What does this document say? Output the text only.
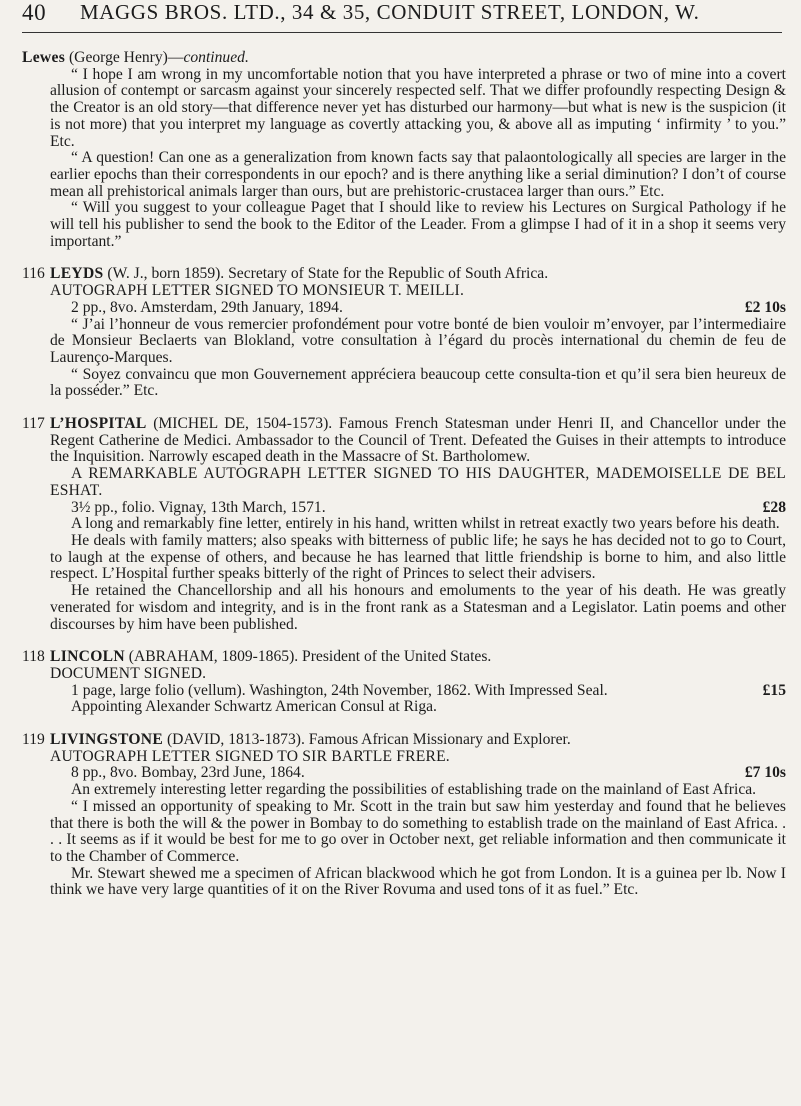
40 MAGGS BROS. LTD., 34 & 35, CONDUIT STREET, LONDON, W.

Lewes (George Henry)—continued.

“ I hope I am wrong in my uncomfortable notion that you have interpreted a phrase or two of mine into a covert allusion of contempt or sarcasm against your sincerely respected self. That we differ profoundly respecting Design & the Creator is an old story—that difference never yet has disturbed our harmony—but what is new is the suspicion (it is not more) that you interpret my language as covertly attacking you, & above all as imputing ‘ infirmity ’ to you.” Etc.

“ A question! Can one as a generalization from known facts say that palaontologically all species are larger in the earlier epochs than their correspondents in our epoch? and is there anything like a serial diminution? I don’t of course mean all prehistorical animals larger than ours, but are prehistoric-crustacea larger than ours.” Etc.

“ Will you suggest to your colleague Paget that I should like to review his Lectures on Surgical Pathology if he will tell his publisher to send the book to the Editor of the Leader. From a glimpse I had of it in a shop it seems very important.”

116 LEYDS (W. J., born 1859). Secretary of State for the Republic of South Africa.

AUTOGRAPH LETTER SIGNED TO MONSIEUR T. MEILLI.

2 pp., 8vo. Amsterdam, 29th January, 1894.	£2 10s

“ J’ai l’honneur de vous remercier profondément pour votre bonté de bien vouloir m’envoyer, par l’intermediaire de Monsieur Beclaerts van Blokland, votre consultation à l’égard du procès international du chemin de feu de Laurenço-Marques.

“ Soyez convaincu que mon Gouvernement appréciera beaucoup cette consulta-tion et qu’il sera bien heureux de la posséder.” Etc.

117 L’HOSPITAL (MICHEL DE, 1504-1573). Famous French Statesman under Henri II, and Chancellor under the Regent Catherine de Medici. Ambassador to the Council of Trent. Defeated the Guises in their attempts to introduce the Inquisition. Narrowly escaped death in the Massacre of St. Bartholomew.

A REMARKABLE AUTOGRAPH LETTER SIGNED TO HIS DAUGHTER, MADEMOISELLE DE BEL ESHAT.

3½ pp., folio. Vignay, 13th March, 1571.	£28

A long and remarkably fine letter, entirely in his hand, written whilst in retreat exactly two years before his death.

He deals with family matters; also speaks with bitterness of public life; he says he has decided not to go to Court, to laugh at the expense of others, and because he has learned that little friendship is borne to him, and also little respect. L’Hospital further speaks bitterly of the right of Princes to select their advisers.

He retained the Chancellorship and all his honours and emoluments to the year of his death. He was greatly venerated for wisdom and integrity, and is in the front rank as a Statesman and a Legislator. Latin poems and other discourses by him have been published.

118 LINCOLN (ABRAHAM, 1809-1865). President of the United States.

DOCUMENT SIGNED.

1 page, large folio (vellum). Washington, 24th November, 1862. With Impressed Seal.	£15

Appointing Alexander Schwartz American Consul at Riga.

119 LIVINGSTONE (DAVID, 1813-1873). Famous African Missionary and Explorer.

AUTOGRAPH LETTER SIGNED TO SIR BARTLE FRERE.

8 pp., 8vo. Bombay, 23rd June, 1864.	£7 10s

An extremely interesting letter regarding the possibilities of establishing trade on the mainland of East Africa.

“ I missed an opportunity of speaking to Mr. Scott in the train but saw him yesterday and found that he believes that there is both the will & the power in Bombay to do something to establish trade on the mainland of East Africa. . . . It seems as if it would be best for me to go over in October next, get reliable information and then communicate it to the Chamber of Commerce.

Mr. Stewart shewed me a specimen of African blackwood which he got from London. It is a guinea per lb. Now I think we have very large quantities of it on the River Rovuma and used tons of it as fuel.” Etc.
